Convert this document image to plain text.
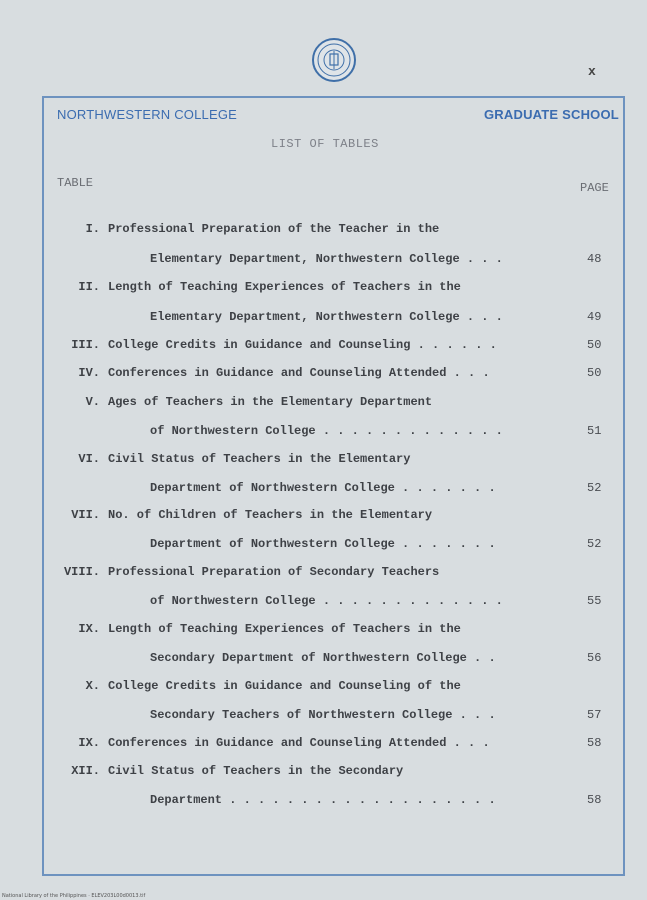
x
NORTHWESTERN COLLEGE	GRADUATE SCHOOL
LIST OF TABLES
TABLE	PAGE
I. Professional Preparation of the Teacher in the
Elementary Department, Northwestern College . . .	48
II. Length of Teaching Experiences of Teachers in the
Elementary Department, Northwestern College . . .	49
III. College Credits in Guidance and Counseling . . . . . .	50
IV. Conferences in Guidance and Counseling Attended . . .	50
V. Ages of Teachers in the Elementary Department
of Northwestern College . . . . . . . . . . . . .	51
VI. Civil Status of Teachers in the Elementary
Department of Northwestern College . . . . . . .	52
VII. No. of Children of Teachers in the Elementary
Department of Northwestern College . . . . . . .	52
VIII. Professional Preparation of Secondary Teachers
of Northwestern College . . . . . . . . . . . . .	55
IX. Length of Teaching Experiences of Teachers in the
Secondary Department of Northwestern College . .	56
X. College Credits in Guidance and Counseling of the
Secondary Teachers of Northwestern College . . .	57
IX. Conferences in Guidance and Counseling Attended . . .	58
XII. Civil Status of Teachers in the Secondary
Department . . . . . . . . . . . . . . . . . . .	58
National Library of the Philippines · ELEV203L00d0013.tif
